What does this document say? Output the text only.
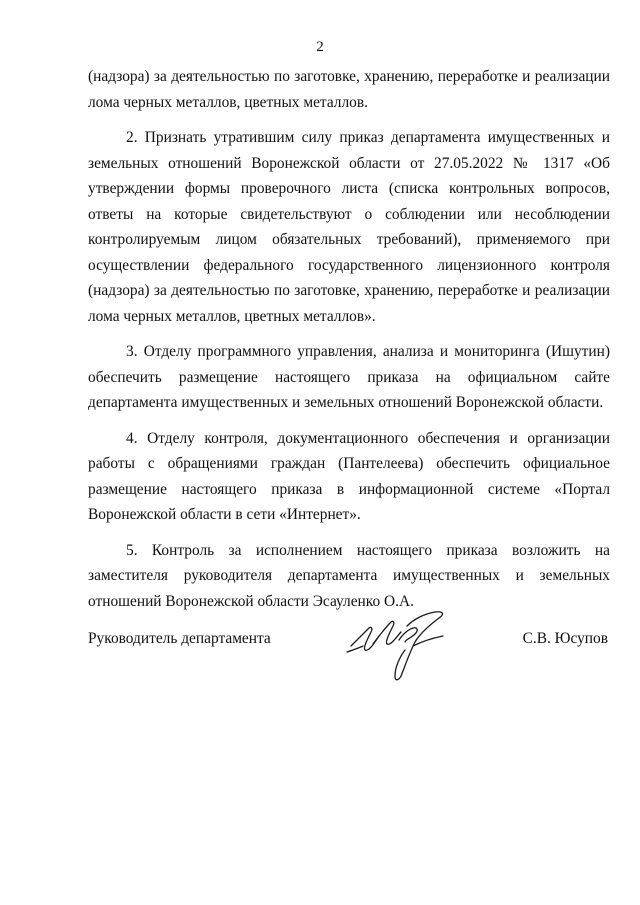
2

(надзора) за деятельностью по заготовке, хранению, переработке и реализации лома черных металлов, цветных металлов.

2. Признать утратившим силу приказ департамента имущественных и земельных отношений Воронежской области от 27.05.2022 № 1317 «Об утверждении формы проверочного листа (списка контрольных вопросов, ответы на которые свидетельствуют о соблюдении или несоблюдении контролируемым лицом обязательных требований), применяемого при осуществлении федерального государственного лицензионного контроля (надзора) за деятельностью по заготовке, хранению, переработке и реализации лома черных металлов, цветных металлов».

3. Отделу программного управления, анализа и мониторинга (Ишутин) обеспечить размещение настоящего приказа на официальном сайте департамента имущественных и земельных отношений Воронежской области.

4. Отделу контроля, документационного обеспечения и организации работы с обращениями граждан (Пантелеева) обеспечить официальное размещение настоящего приказа в информационной системе «Портал Воронежской области в сети «Интернет».

5. Контроль за исполнением настоящего приказа возложить на заместителя руководителя департамента имущественных и земельных отношений Воронежской области Эсауленко О.А.

Руководитель департамента	С.В. Юсупов
